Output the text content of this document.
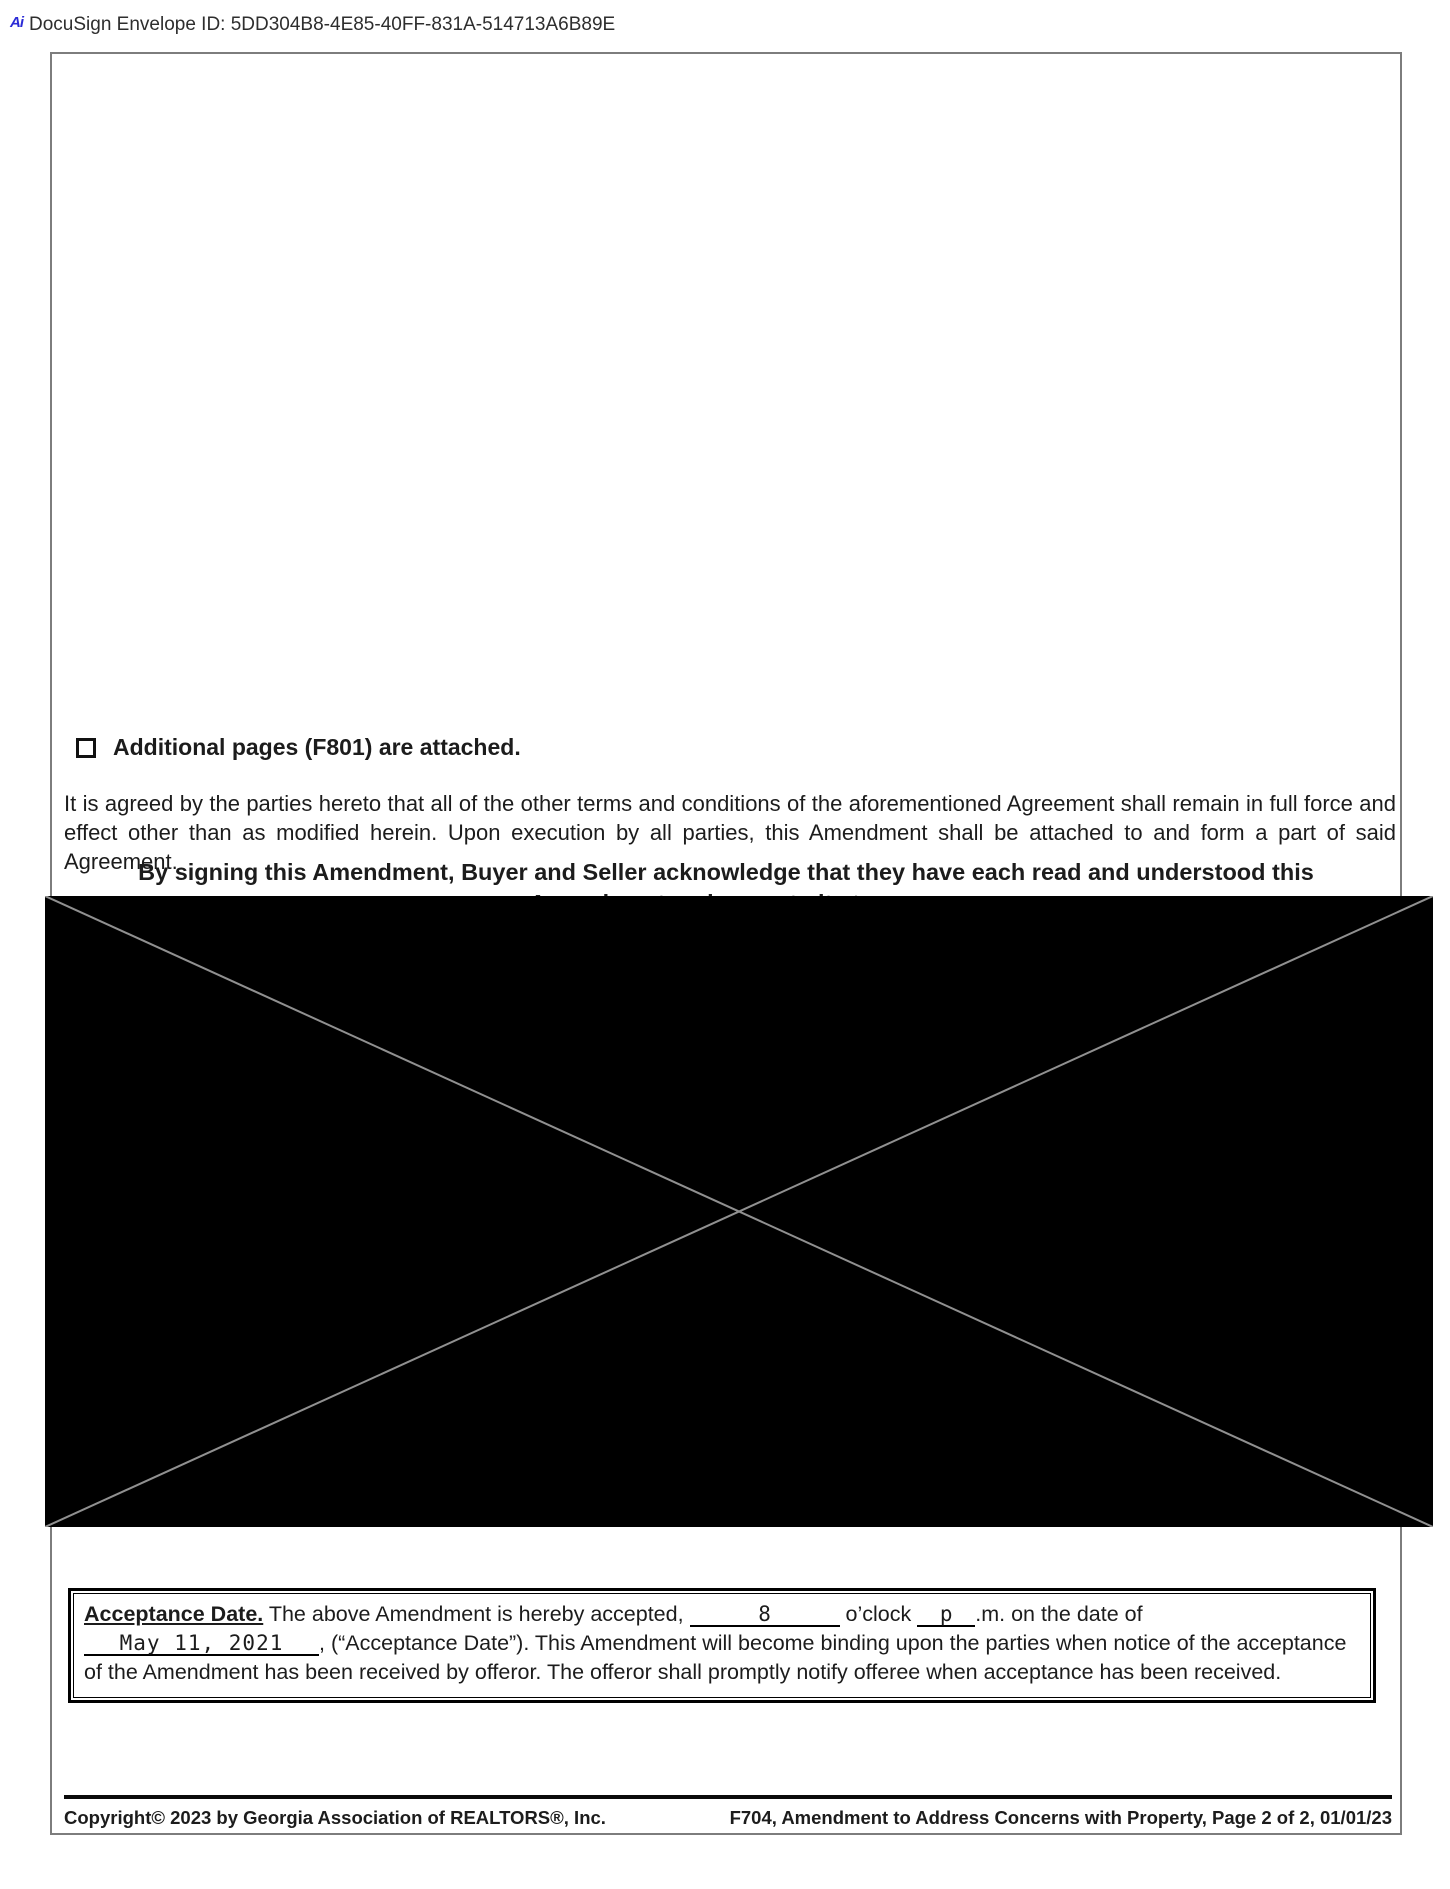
Ai DocuSign Envelope ID: 5DD304B8-4E85-40FF-831A-514713A6B89E
Additional pages (F801) are attached.
It is agreed by the parties hereto that all of the other terms and conditions of the aforementioned Agreement shall remain in full force and effect other than as modified herein. Upon execution by all parties, this Amendment shall be attached to and form a part of said Agreement.
By signing this Amendment, Buyer and Seller acknowledge that they have each read and understood this
Acceptance Date. The above Amendment is hereby accepted,	8	o’clock p .m. on the date of May 11, 2021 , (“Acceptance Date”). This Amendment will become binding upon the parties when notice of the acceptance of the Amendment has been received by offeror. The offeror shall promptly notify offeree when acceptance has been received.
Copyright© 2023 by Georgia Association of REALTORS®, Inc.	F704, Amendment to Address Concerns with Property, Page 2 of 2, 01/01/23
